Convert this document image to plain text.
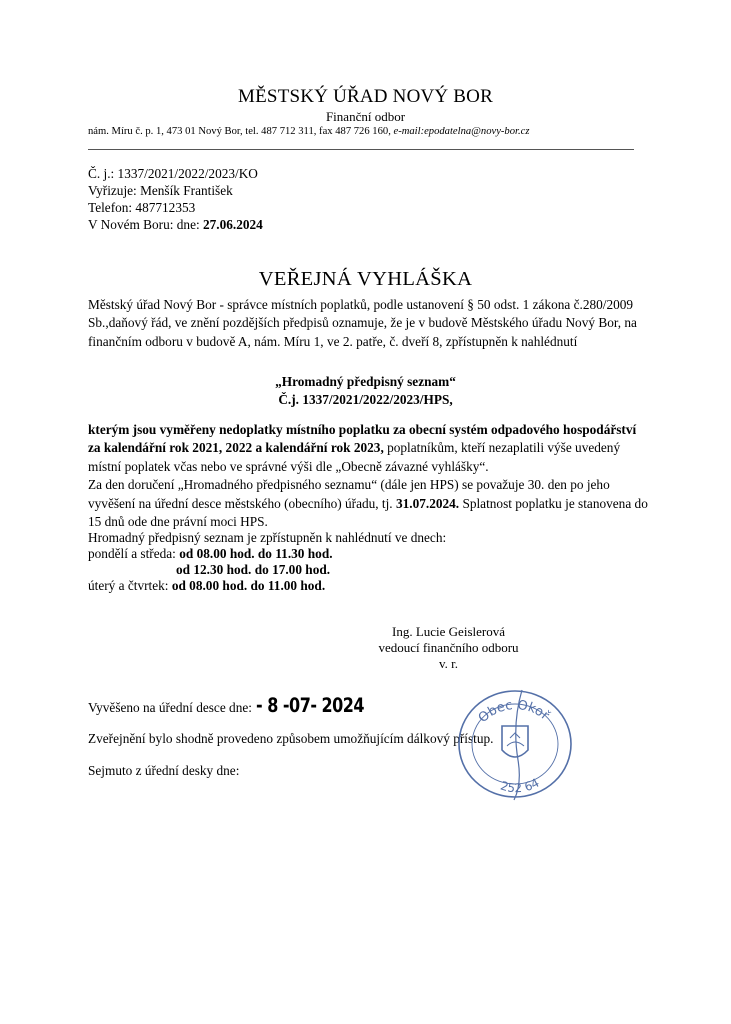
MĚSTSKÝ ÚŘAD NOVÝ BOR
Finanční odbor
nám. Míru č. p. 1, 473 01 Nový Bor, tel. 487 712 311, fax 487 726 160, e-mail:epodatelna@novy-bor.cz
Č. j.: 1337/2021/2022/2023/KO
Vyřizuje: Menšík František
Telefon: 487712353
V Novém Boru: dne: 27.06.2024
VEŘEJNÁ VYHLÁŠKA
Městský úřad Nový Bor - správce místních poplatků, podle ustanovení § 50 odst. 1 zákona č.280/2009 Sb.,daňový řád, ve znění pozdějších předpisů oznamuje, že je v budově Městského úřadu Nový Bor, na finančním odboru v budově A, nám. Míru 1, ve 2. patře, č. dveří 8, zpřístupněn k nahlédnutí
„Hromadný předpisný seznam“
Č.j. 1337/2021/2022/2023/HPS,
kterým jsou vyměřeny nedoplatky místního poplatku za obecní systém odpadového hospodářství za kalendářní rok 2021, 2022 a kalendářní rok 2023, poplatníkům, kteří nezaplatili výše uvedený místní poplatek včas nebo ve správné výši dle „Obecně závazné vyhlášky“.
Za den doručení „Hromadného předpisného seznamu“ (dále jen HPS) se považuje 30. den po jeho vyvěšení na úřední desce městského (obecního) úřadu, tj. 31.07.2024. Splatnost poplatku je stanovena do 15 dnů ode dne právní moci HPS.
Hromadný předpisný seznam je zpřístupněn k nahlédnutí ve dnech:
pondělí a středa: od 08.00 hod. do 11.30 hod.
od 12.30 hod. do 17.00 hod.
úterý a čtvrtek: od 08.00 hod. do 11.00 hod.
Ing. Lucie Geislerová
vedoucí finančního odboru
v. r.
Vyvěšeno na úřední desce dne: - 8 -07- 2024
Zveřejnění bylo shodně provedeno způsobem umožňujícím dálkový přístup.
Sejmuto z úřední desky dne:
Obec Okoř
252 64
